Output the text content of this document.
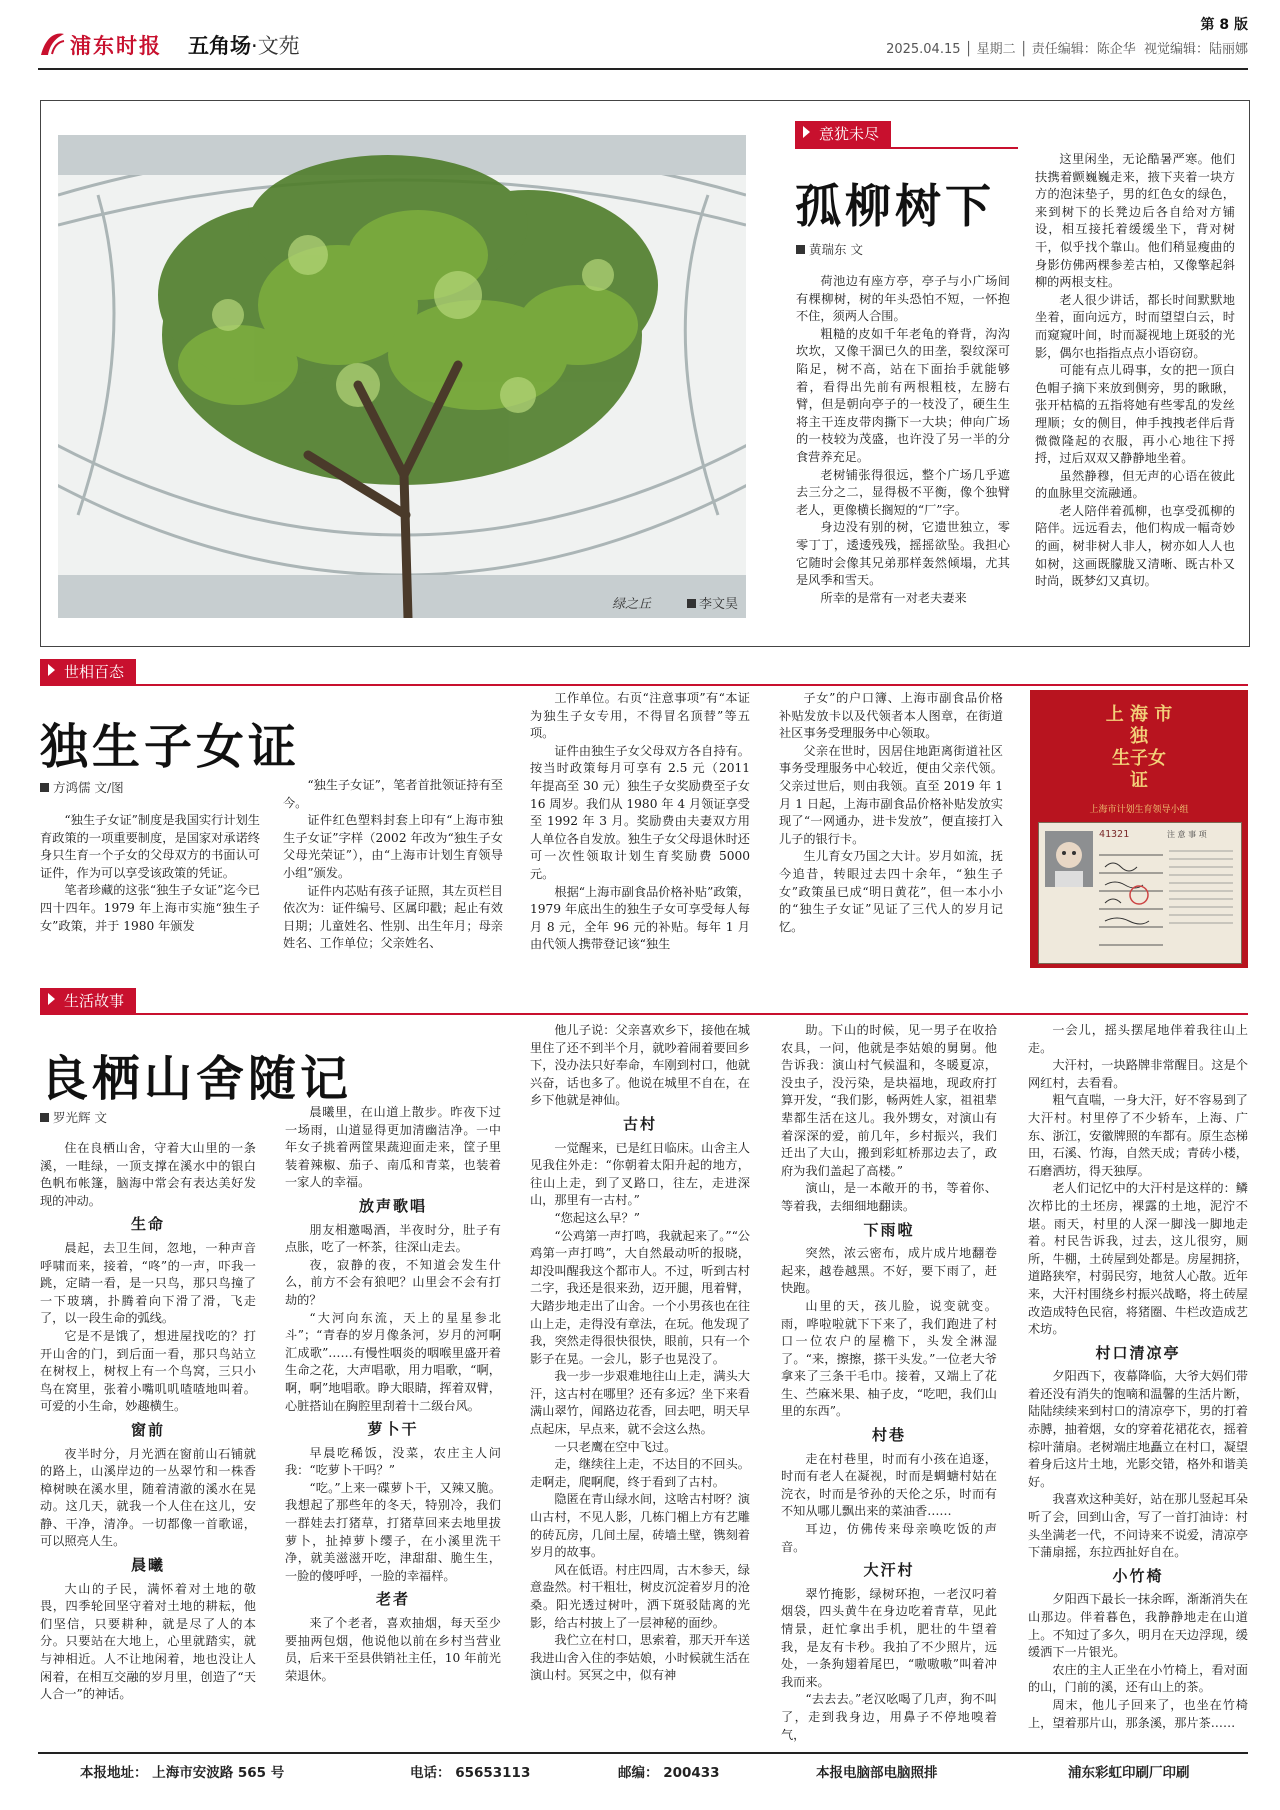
浦东时报 五角场·文苑
第 8 版
2025.04.15 │ 星期二 │ 责任编辑：陈企华 视觉编辑：陆丽娜
绿之丘	李文昊
意犹未尽
孤柳树下
黄瑞东 文

荷池边有座方亭，亭子与小广场间有棵柳树，树的年头恐怕不短，一怀抱不住，须两人合围。

粗糙的皮如千年老龟的脊背，沟沟坎坎，又像干涸已久的田垄，裂纹深可陷足，树不高，站在下面抬手就能够着，看得出先前有两根粗枝，左膀右臂，但是朝向亭子的一枝没了，硬生生将主干连皮带肉撕下一大块；伸向广场的一枝较为茂盛，也许没了另一半的分食营养充足。

老树铺张得很远，整个广场几乎遮去三分之二，显得极不平衡，像个独臂老人，更像横长搁短的“厂”字。

身边没有别的树，它遗世独立，零零丁丁，逶逶残残，摇摇欲坠。我担心它随时会像其兄弟那样轰然倾塌，尤其是风季和雪天。

所幸的是常有一对老夫妻来

这里闲坐，无论酷暑严寒。他们扶携着颤巍巍走来，掖下夹着一块方方的泡沫垫子，男的红色女的绿色，来到树下的长凳边后各自给对方铺设，相互接托着缓缓坐下，背对树干，似乎找个靠山。他们稍显瘦曲的身影仿佛两棵参差古柏，又像擎起斜柳的两根支柱。

老人很少讲话，都长时间默默地坐着，面向远方，时而望望白云，时而窥窥叶间，时而凝视地上斑驳的光影，偶尔也指指点点小语窃窃。

可能有点儿碍事，女的把一顶白色帽子摘下来放到侧旁，男的瞅瞅，张开枯槁的五指将她有些零乱的发丝理顺；女的侧目，伸手拽拽老伴后背微微隆起的衣服，再小心地往下捋捋，过后双双又静静地坐着。

虽然静穆，但无声的心语在彼此的血脉里交流融通。

老人陪伴着孤柳，也享受孤柳的陪伴。远远看去，他们构成一幅奇妙的画，树非树人非人，树亦如人人也如树，这画既朦胧又清晰、既古朴又时尚，既梦幻又真切。

世相百态
独生子女证
方鸿儒 文/图

“独生子女证”制度是我国实行计划生育政策的一项重要制度，是国家对承诺终身只生育一个子女的父母双方的书面认可证件，作为可以享受该政策的凭证。

笔者珍藏的这张“独生子女证”迄今已四十四年。1979 年上海市实施“独生子女”政策，并于 1980 年颁发

“独生子女证”，笔者首批领证持有至今。

证件红色塑料封套上印有“上海市独生子女证”字样（2002 年改为“独生子女父母光荣证”），由“上海市计划生育领导小组”颁发。

证件内芯贴有孩子证照，其左页栏目依次为：证件编号、区属印戳；起止有效日期；儿童姓名、性别、出生年月；母亲姓名、工作单位；父亲姓名、

工作单位。右页“注意事项”有“本证为独生子女专用，不得冒名顶替”等五项。

证件由独生子女父母双方各自持有。按当时政策每月可享有 2.5 元（2011 年提高至 30 元）独生子女奖励费至子女 16 周岁。我们从 1980 年 4 月领证享受至 1992 年 3 月。奖励费由夫妻双方用人单位各自发放。独生子女父母退休时还可一次性领取计划生育奖励费 5000 元。

根据“上海市副食品价格补贴”政策，1979 年底出生的独生子女可享受每人每月 8 元，全年 96 元的补贴。每年 1 月由代领人携带登记该“独生

子女”的户口簿、上海市副食品价格补贴发放卡以及代领者本人图章，在街道社区事务受理服务中心领取。

父亲在世时，因居住地距离街道社区事务受理服务中心较近，便由父亲代领。父亲过世后，则由我领。直至 2019 年 1 月 1 日起，上海市副食品价格补贴发放实现了“一网通办，进卡发放”，便直接打入儿子的银行卡。

生儿育女乃国之大计。岁月如流，抚今追昔，转眼过去四十余年，“独生子女”政策虽已成“明日黄花”，但一本小小的“独生子女证”见证了三代人的岁月记忆。

上 海 市
独
生子女
证
上海市计划生育领导小组
41321	注 意 事 项
生活故事
良栖山舍随记
罗光辉 文

住在良栖山舍，守着大山里的一条溪，一畦绿，一顶支撑在溪水中的银白色帆布帐篷，脑海中常会有表达美好发现的冲动。

生命

晨起，去卫生间，忽地，一种声音呼啸而来，接着，“咚”的一声，吓我一跳，定睛一看，是一只鸟，那只鸟撞了一下玻璃，扑腾着向下滑了滑，飞走了，以一段生命的弧线。

它是不是饿了，想进屋找吃的？打开山舍的门，到后面一看，那只鸟站立在树杈上，树杈上有一个鸟窝，三只小鸟在窝里，张着小嘴叽叽喳喳地叫着。可爱的小生命，妙趣横生。

窗前

夜半时分，月光洒在窗前山石铺就的路上，山溪岸边的一丛翠竹和一株香樟树映在溪水里，随着清澈的溪水在晃动。这几天，就我一个人住在这儿，安静、干净，清净。一切都像一首歌谣，可以照亮人生。

晨曦

大山的子民，满怀着对土地的敬畏，四季轮回坚守着对土地的耕耘，他们坚信，只要耕种，就是尽了人的本分。只要站在大地上，心里就踏实，就与神相近。人不让地闲着，地也没让人闲着，在相互交融的岁月里，创造了“天人合一”的神话。

晨曦里，在山道上散步。昨夜下过一场雨，山道显得更加清幽洁净。一中年女子挑着两筐果蔬迎面走来，筐子里装着辣椒、茄子、南瓜和青菜，也装着一家人的幸福。

放声歌唱

朋友相邀喝酒，半夜时分，肚子有点胀，吃了一杯茶，往深山走去。

夜，寂静的夜，不知道会发生什么，前方不会有狼吧？山里会不会有打劫的？

“大河向东流，天上的星星参北斗”；“青春的岁月像条河，岁月的河啊汇成歌”……有慢性咽炎的咽喉里盛开着生命之花，大声唱歌，用力唱歌，“啊，啊，啊”地唱歌。睁大眼睛，挥着双臂，心脏搭讪在胸腔里刮着十二级台风。

萝卜干

早晨吃稀饭，没菜，农庄主人问我：“吃萝卜干吗？”

“吃。”上来一碟萝卜干，又辣又脆。我想起了那些年的冬天，特别冷，我们一群娃去打猪草，打猪草回来去地里拔萝卜，扯掉萝卜缨子，在小溪里洗干净，就美滋滋开吃，津甜甜、脆生生，一脸的傻呼呼，一脸的幸福样。

老者

来了个老者，喜欢抽烟，每天至少要抽两包烟，他说他以前在乡村当营业员，后来干至县供销社主任，10 年前光荣退休。

他儿子说：父亲喜欢乡下，接他在城里住了还不到半个月，就吵着闹着要回乡下，没办法只好奉命，车刚到村口，他就兴奋，话也多了。他说在城里不自在，在乡下他就是神仙。

古村

一觉醒来，已是红日临床。山舍主人见我住外走：“你朝着太阳升起的地方，往山上走，到了叉路口，往左，走进深山，那里有一古村。”

“您起这么早？”

“公鸡第一声打鸣，我就起来了。”“公鸡第一声打鸣”，大自然最动听的报晓，却没叫醒我这个都市人。不过，听到古村二字，我还是很来劲，迈开腿，甩着臂，大踏步地走出了山舍。一个小男孩也在往山上走，走得没有章法，在玩。他发现了我，突然走得很快很快，眼前，只有一个影子在晃。一会儿，影子也晃没了。

我一步一步艰难地往山上走，满头大汗，这古村在哪里？还有多远？坐下来看满山翠竹，闻路边花香，回去吧，明天早点起床，早点来，就不会这么热。

一只老鹰在空中飞过。

走，继续往上走，不达目的不回头。走啊走，爬啊爬，终于看到了古村。

隐匿在青山绿水间，这啥古村呀？演山古村，不见人影，几栋门楣上方有艺雕的砖瓦房，几间土屋，砖墙土壁，镌刻着岁月的故事。

风在低语。村庄四周，古木参天，绿意盎然。村干粗壮，树皮沉淀着岁月的沧桑。阳光透过树叶，洒下斑驳陆离的光影，给古村披上了一层神秘的面纱。

我伫立在村口，思索着，那天开车送我进山舍入住的李姑娘，小时候就生活在演山村。冥冥之中，似有神

助。下山的时候，见一男子在收拾农具，一问，他就是李姑娘的舅舅。他告诉我：演山村气候温和，冬暖夏凉，没虫子，没污染，是块福地，现政府打算开发，“我们影，畅两姓人家，祖祖辈辈都生活在这儿。我外甥女，对演山有着深深的爱，前几年，乡村振兴，我们迁出了大山，搬到彩虹桥那边去了，政府为我们盖起了高楼。”

演山，是一本敞开的书，等着你、等着我，去细细地翻读。

下雨啦

突然，浓云密布，成片成片地翻卷起来，越卷越黑。不好，要下雨了，赶快跑。

山里的天，孩儿脸，说变就变。雨，哗啦啦就下下来了，我们跑进了村口一位农户的屋檐下，头发全淋湿了。“来，擦擦，搽干头发。”一位老大爷拿来了三条干毛巾。接着，又端上了花生、苎麻米果、柚子皮，“吃吧，我们山里的东西”。

村巷

走在村巷里，时而有小孩在追逐，时而有老人在凝视，时而是蜩螗村姑在浣衣，时而是爷孙的天伦之乐，时而有不知从哪儿飘出来的菜油香……

耳边，仿佛传来母亲唤吃饭的声音。

大汗村

翠竹掩影，绿树环抱，一老汉叼着烟袋，四头黄牛在身边吃着青草，见此情景，赶忙拿出手机，肥壮的牛望着我，是友有卡秒。我拍了不少照片，远处，一条狗翅着尾巴，“嗷嗷嗷”叫着冲我而来。

“去去去。”老汉吆喝了几声，狗不叫了，走到我身边，用鼻子不停地嗅着气，

一会儿，摇头摆尾地伴着我往山上走。

大汗村，一块路牌非常醒目。这是个网红村，去看看。

粗气直喘，一身大汗，好不容易到了大汗村。村里停了不少轿车，上海、广东、浙江，安徽牌照的车都有。原生态梯田，石溪、竹海，自然天成；青砖小楼，石磨洒坊，得天独厚。

老人们记忆中的大汗村是这样的：鳞次栉比的土坯房，裸露的土地，泥泞不堪。雨天，村里的人深一脚浅一脚地走着。村民告诉我，过去，这儿很穷，厕所，牛棚，土砖屋到处都是。房屋拥挤，道路狭窄，村弱民穷，地贫人心散。近年来，大汗村围绕乡村振兴战略，将土砖屋改造成特色民宿，将猪圈、牛栏改造成艺术坊。

村口清凉亭

夕阳西下，夜幕降临，大爷大妈们带着还没有消失的饱嘀和温馨的生活片断，陆陆续续来到村口的清凉亭下，男的打着赤膊，抽着烟，女的穿着花裙花衣，摇着棕叶蒲扇。老树端庄地矗立在村口，凝望着身后这片土地，光影交错，格外和谐美好。

我喜欢这种美好，站在那儿竖起耳朵听了会，回到山舍，写了一首打油诗：村头坐满老一代，不问诗来不说爱，清凉亭下蒲扇摇，东拉西扯好自在。

小竹椅

夕阳西下最长一抹余晖，渐渐消失在山那边。伴着暮色，我静静地走在山道上。不知过了多久，明月在天边浮现，缓缓洒下一片银光。

农庄的主人正坐在小竹椅上，看对面的山，门前的溪，还有山上的茶。

周末，他儿子回来了，也坐在竹椅上，望着那片山，那条溪，那片茶……

本报地址： 上海市安波路 565 号	电话： 65653113	邮编： 200433	本报电脑部电脑照排	浦东彩虹印刷厂印刷
